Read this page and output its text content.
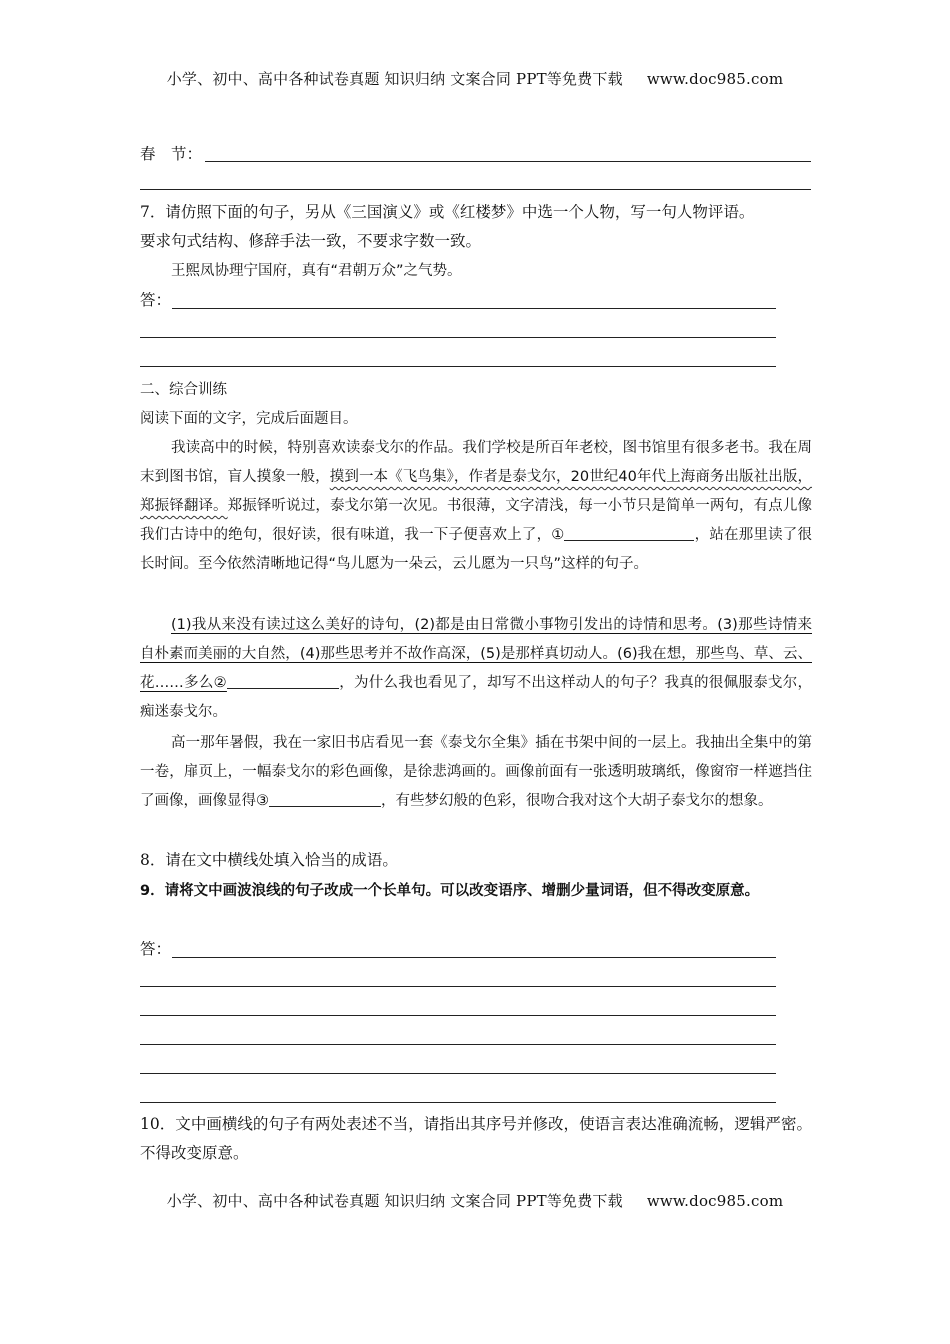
小学、初中、高中各种试卷真题 知识归纳 文案合同 PPT等免费下载 www.doc985.com
春　节：
7．请仿照下面的句子，另从《三国演义》或《红楼梦》中选一个人物，写一句人物评语。
要求句式结构、修辞手法一致，不要求字数一致。
王熙凤协理宁国府，真有“君朝万众”之气势。
答：
二、综合训练
阅读下面的文字，完成后面题目。
我读高中的时候，特别喜欢读泰戈尔的作品。我们学校是所百年老校，图书馆里有很多老书。我在周末到图书馆，盲人摸象一般，摸到一本《飞鸟集》，作者是泰戈尔，20世纪40年代上海商务出版社出版，郑振铎翻译。郑振铎听说过，泰戈尔第一次见。书很薄，文字清浅，每一小节只是简单一两句，有点儿像我们古诗中的绝句，很好读，很有味道，我一下子便喜欢上了，①	，站在那里读了很长时间。至今依然清晰地记得“鸟儿愿为一朵云，云儿愿为一只鸟”这样的句子。
(1)我从来没有读过这么美好的诗句，(2)都是由日常微小事物引发出的诗情和思考。(3)那些诗情来自朴素而美丽的大自然，(4)那些思考并不故作高深，(5)是那样真切动人。(6)我在想，那些鸟、草、云、花……多么②	，为什么我也看见了，却写不出这样动人的句子？我真的很佩服泰戈尔，痴迷泰戈尔。
高一那年暑假，我在一家旧书店看见一套《泰戈尔全集》插在书架中间的一层上。我抽出全集中的第一卷，扉页上，一幅泰戈尔的彩色画像，是徐悲鸿画的。画像前面有一张透明玻璃纸，像窗帘一样遮挡住了画像，画像显得③	，有些梦幻般的色彩，很吻合我对这个大胡子泰戈尔的想象。
8．请在文中横线处填入恰当的成语。
9．请将文中画波浪线的句子改成一个长单句。可以改变语序、增删少量词语，但不得改变原意。
答：
10．文中画横线的句子有两处表述不当，请指出其序号并修改，使语言表达准确流畅，逻辑严密。不得改变原意。
小学、初中、高中各种试卷真题 知识归纳 文案合同 PPT等免费下载 www.doc985.com
